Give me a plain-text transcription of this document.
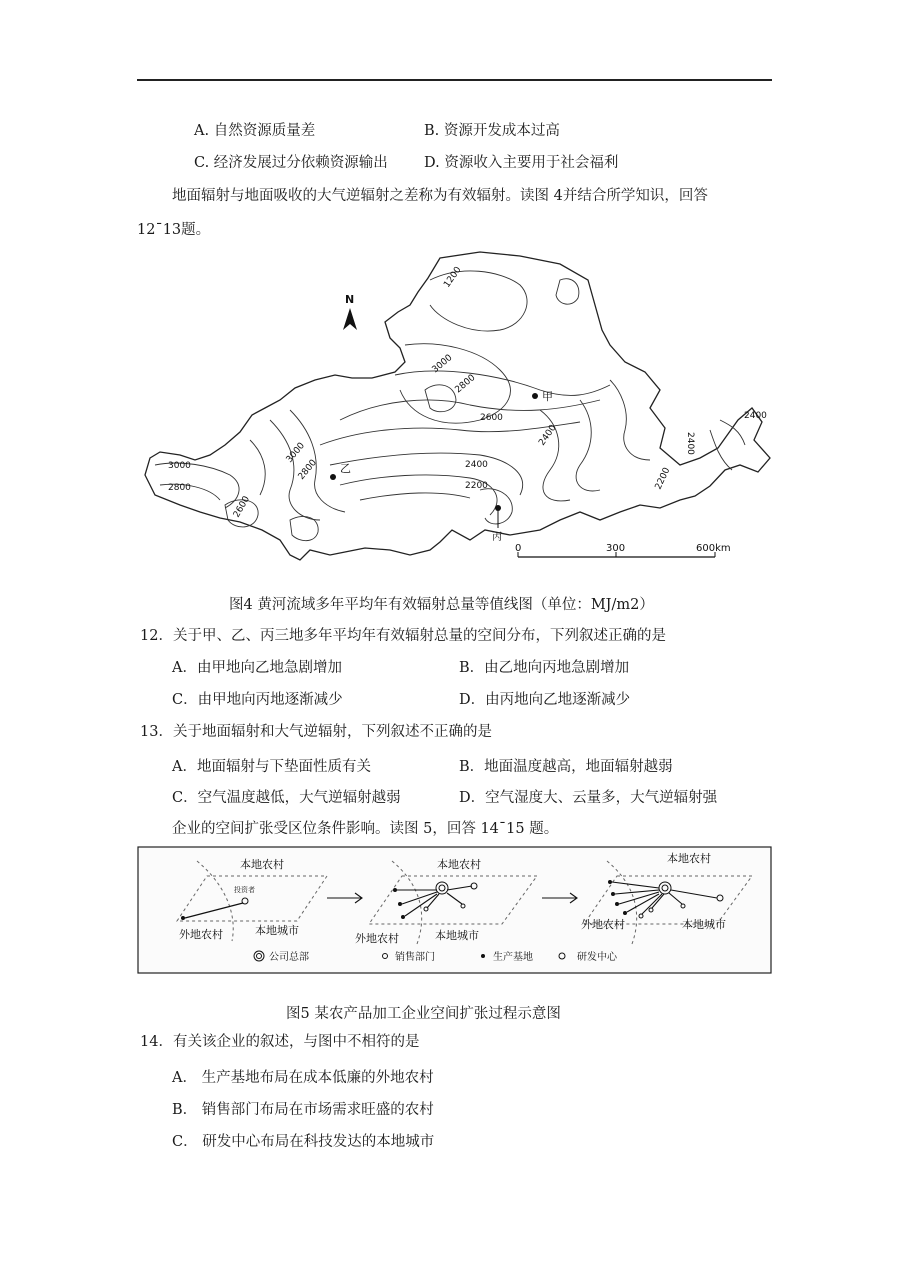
A. 自然资源质量差	B. 资源开发成本过高
C. 经济发展过分依赖资源输出 D. 资源收入主要用于社会福利
地面辐射与地面吸收的大气逆辐射之差称为有效辐射。读图 4并结合所学知识，回答
12¯13题。
1200
3000
2800
2600
2400
2200
2400
3000
2800
3000
2800
2600
2400
2400
2200
N
甲
乙
丙
0	300	600km
图4 黄河流域多年平均年有效辐射总量等值线图（单位：MJ/m2）
12．关于甲、乙、丙三地多年平均年有效辐射总量的空间分布，下列叙述正确的是
A．由甲地向乙地急剧增加	B．由乙地向丙地急剧增加
C．由甲地向丙地逐渐减少	D．由丙地向乙地逐渐减少
13．关于地面辐射和大气逆辐射，下列叙述不正确的是
A．地面辐射与下垫面性质有关	B．地面温度越高，地面辐射越弱
C．空气温度越低，大气逆辐射越弱	D．空气湿度大、云量多，大气逆辐射强
企业的空间扩张受区位条件影响。读图 5，回答 14¯15 题。
本地农村
外地农村	本地城市
投资者
本地农村
外地农村	本地城市
本地农村
外地农村	本地城市
公司总部	销售部门	生产基地	研发中心
图5 某农产品加工企业空间扩张过程示意图
14．有关该企业的叙述，与图中不相符的是
A． 生产基地布局在成本低廉的外地农村
B． 销售部门布局在市场需求旺盛的农村
C． 研发中心布局在科技发达的本地城市
